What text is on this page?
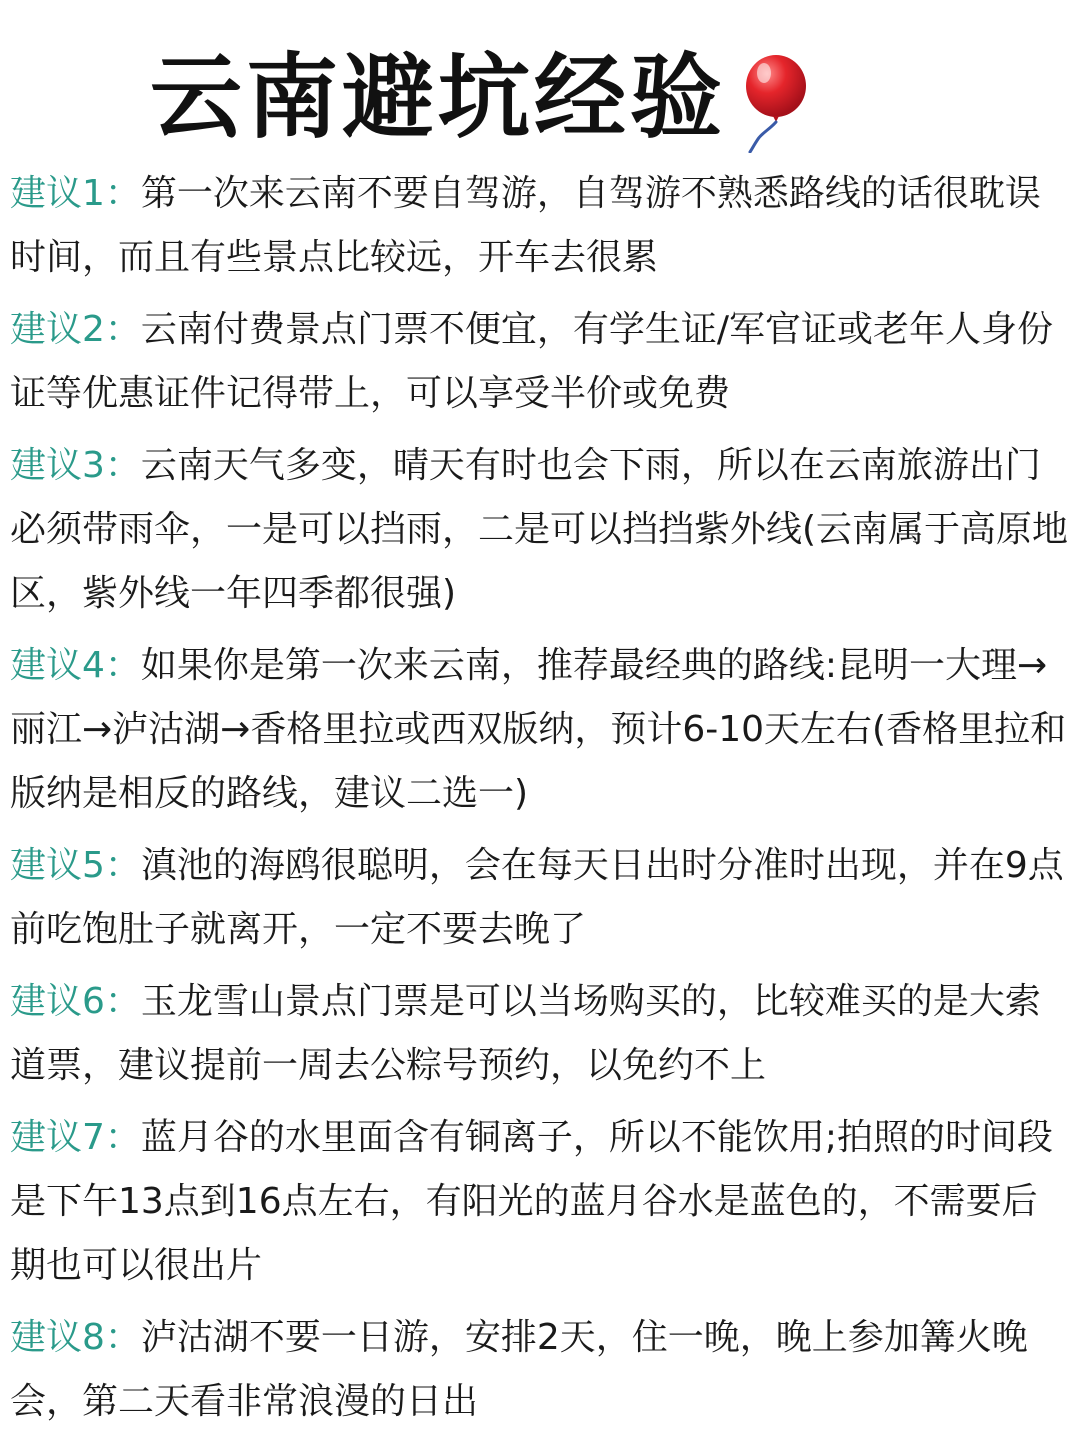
云南避坑经验
建议1：第一次来云南不要自驾游，自驾游不熟悉路线的话很耽误时间，而且有些景点比较远，开车去很累
建议2：云南付费景点门票不便宜，有学生证/军官证或老年人身份证等优惠证件记得带上，可以享受半价或免费
建议3：云南天气多变，晴天有时也会下雨，所以在云南旅游出门必须带雨伞，一是可以挡雨，二是可以挡挡紫外线(云南属于高原地区，紫外线一年四季都很强)
建议4：如果你是第一次来云南，推荐最经典的路线:昆明一大理→丽江→泸沽湖→香格里拉或西双版纳，预计6-10天左右(香格里拉和版纳是相反的路线，建议二选一)
建议5：滇池的海鸥很聪明，会在每天日出时分准时出现，并在9点前吃饱肚子就离开，一定不要去晚了
建议6：玉龙雪山景点门票是可以当场购买的，比较难买的是大索道票，建议提前一周去公粽号预约，以免约不上
建议7：蓝月谷的水里面含有铜离子，所以不能饮用;拍照的时间段是下午13点到16点左右，有阳光的蓝月谷水是蓝色的，不需要后期也可以很出片
建议8：泸沽湖不要一日游，安排2天，住一晚，晚上参加篝火晚会，第二天看非常浪漫的日出
